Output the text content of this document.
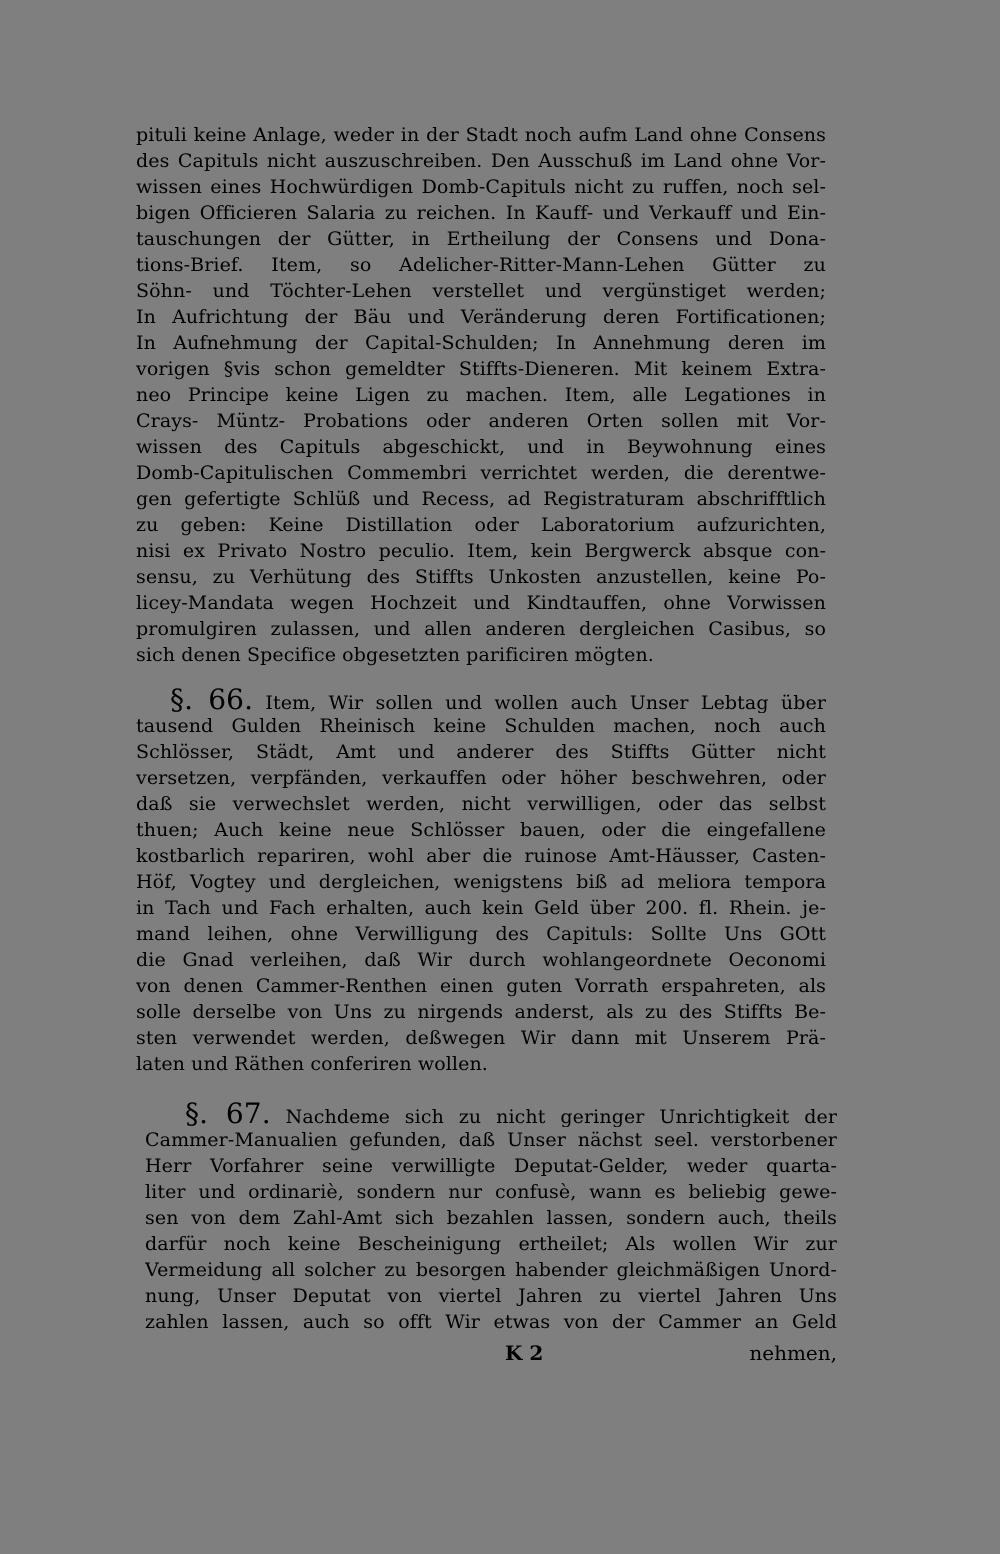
pituli keine Anlage, weder in der Stadt noch aufm Land ohne Consens
des Capituls nicht auszuschreiben. Den Ausschuß im Land ohne Vor-
wissen eines Hochwürdigen Domb-Capituls nicht zu ruffen, noch sel-
bigen Officieren Salaria zu reichen. In Kauff- und Verkauff und Ein-
tauschungen der Gütter, in Ertheilung der Consens und Dona-
tions-Brief. Item, so Adelicher-Ritter-Mann-Lehen Gütter zu
Söhn- und Töchter-Lehen verstellet und vergünstiget werden;
In Aufrichtung der Bäu und Veränderung deren Fortificationen;
In Aufnehmung der Capital-Schulden; In Annehmung deren im
vorigen §vis schon gemeldter Stiffts-Dieneren. Mit keinem Extra-
neo Principe keine Ligen zu machen. Item, alle Legationes in
Crays- Müntz- Probations oder anderen Orten sollen mit Vor-
wissen des Capituls abgeschickt, und in Beywohnung eines
Domb-Capitulischen Commembri verrichtet werden, die derentwe-
gen gefertigte Schlüß und Recess, ad Registraturam abschrifftlich
zu geben: Keine Distillation oder Laboratorium aufzurichten,
nisi ex Privato Nostro peculio. Item, kein Bergwerck absque con-
sensu, zu Verhütung des Stiffts Unkosten anzustellen, keine Po-
licey-Mandata wegen Hochzeit und Kindtauffen, ohne Vorwissen
promulgiren zulassen, und allen anderen dergleichen Casibus, so
sich denen Specifice obgesetzten parificiren mögten.
§. 66. Item, Wir sollen und wollen auch Unser Lebtag über
tausend Gulden Rheinisch keine Schulden machen, noch auch
Schlösser, Städt, Amt und anderer des Stiffts Gütter nicht
versetzen, verpfänden, verkauffen oder höher beschwehren, oder
daß sie verwechslet werden, nicht verwilligen, oder das selbst
thuen; Auch keine neue Schlösser bauen, oder die eingefallene
kostbarlich repariren, wohl aber die ruinose Amt-Häusser, Casten-
Höf, Vogtey und dergleichen, wenigstens biß ad meliora tempora
in Tach und Fach erhalten, auch kein Geld über 200. fl. Rhein. je-
mand leihen, ohne Verwilligung des Capituls: Sollte Uns GOtt
die Gnad verleihen, daß Wir durch wohlangeordnete Oeconomi
von denen Cammer-Renthen einen guten Vorrath erspahreten, als
solle derselbe von Uns zu nirgends anderst, als zu des Stiffts Be-
sten verwendet werden, deßwegen Wir dann mit Unserem Prä-
laten und Räthen conferiren wollen.
§. 67. Nachdeme sich zu nicht geringer Unrichtigkeit der
Cammer-Manualien gefunden, daß Unser nächst seel. verstorbener
Herr Vorfahrer seine verwilligte Deputat-Gelder, weder quarta-
liter und ordinariè, sondern nur confusè, wann es beliebig gewe-
sen von dem Zahl-Amt sich bezahlen lassen, sondern auch, theils
darfür noch keine Bescheinigung ertheilet; Als wollen Wir zur
Vermeidung all solcher zu besorgen habender gleichmäßigen Unord-
nung, Unser Deputat von viertel Jahren zu viertel Jahren Uns
zahlen lassen, auch so offt Wir etwas von der Cammer an Geld
K 2	nehmen,
